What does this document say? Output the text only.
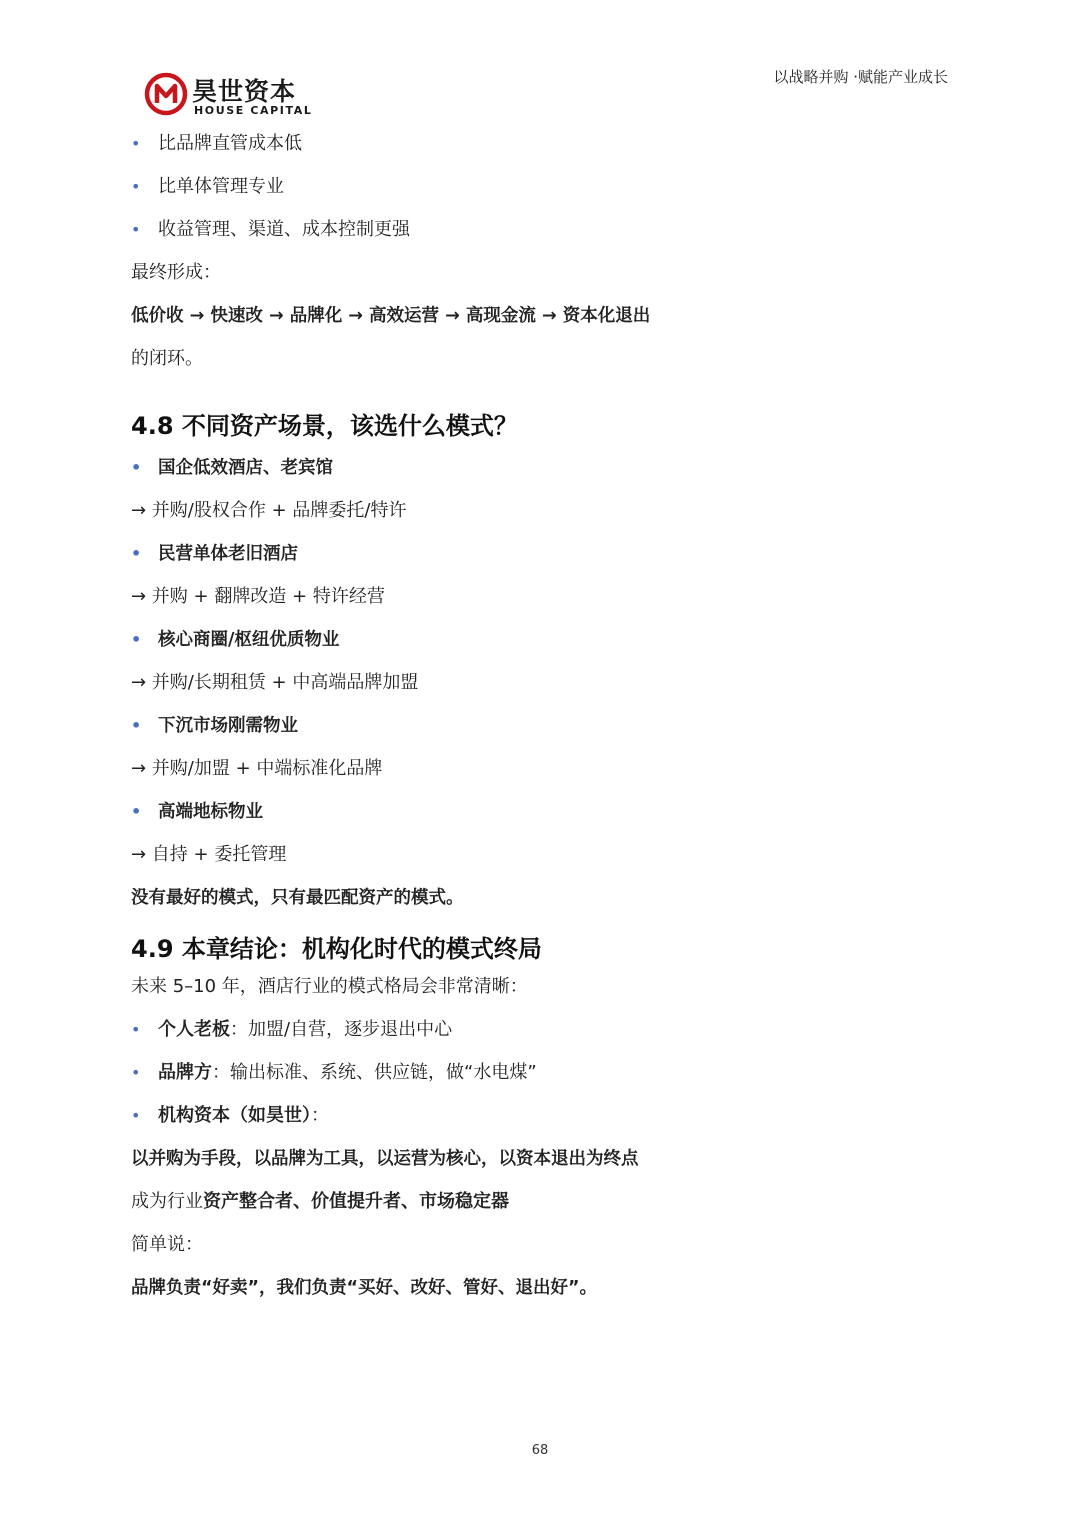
昊世资本
HOUSE CAPITAL
以战略并购 ·赋能产业成长
• 比品牌直管成本低
• 比单体管理专业
• 收益管理、渠道、成本控制更强
最终形成：
低价收 → 快速改 → 品牌化 → 高效运营 → 高现金流 → 资本化退出
的闭环。
4.8 不同资产场景，该选什么模式？
• 国企低效酒店、老宾馆
→ 并购/股权合作 + 品牌委托/特许
• 民营单体老旧酒店
→ 并购 + 翻牌改造 + 特许经营
• 核心商圈/枢纽优质物业
→ 并购/长期租赁 + 中高端品牌加盟
• 下沉市场刚需物业
→ 并购/加盟 + 中端标准化品牌
• 高端地标物业
→ 自持 + 委托管理
没有最好的模式，只有最匹配资产的模式。
4.9 本章结论：机构化时代的模式终局
未来 5–10 年，酒店行业的模式格局会非常清晰：
• 个人老板：加盟/自营，逐步退出中心
• 品牌方：输出标准、系统、供应链，做“水电煤”
• 机构资本（如昊世）：
以并购为手段，以品牌为工具，以运营为核心，以资本退出为终点
成为行业资产整合者、价值提升者、市场稳定器
简单说：
品牌负责“好卖”，我们负责“买好、改好、管好、退出好”。
68
